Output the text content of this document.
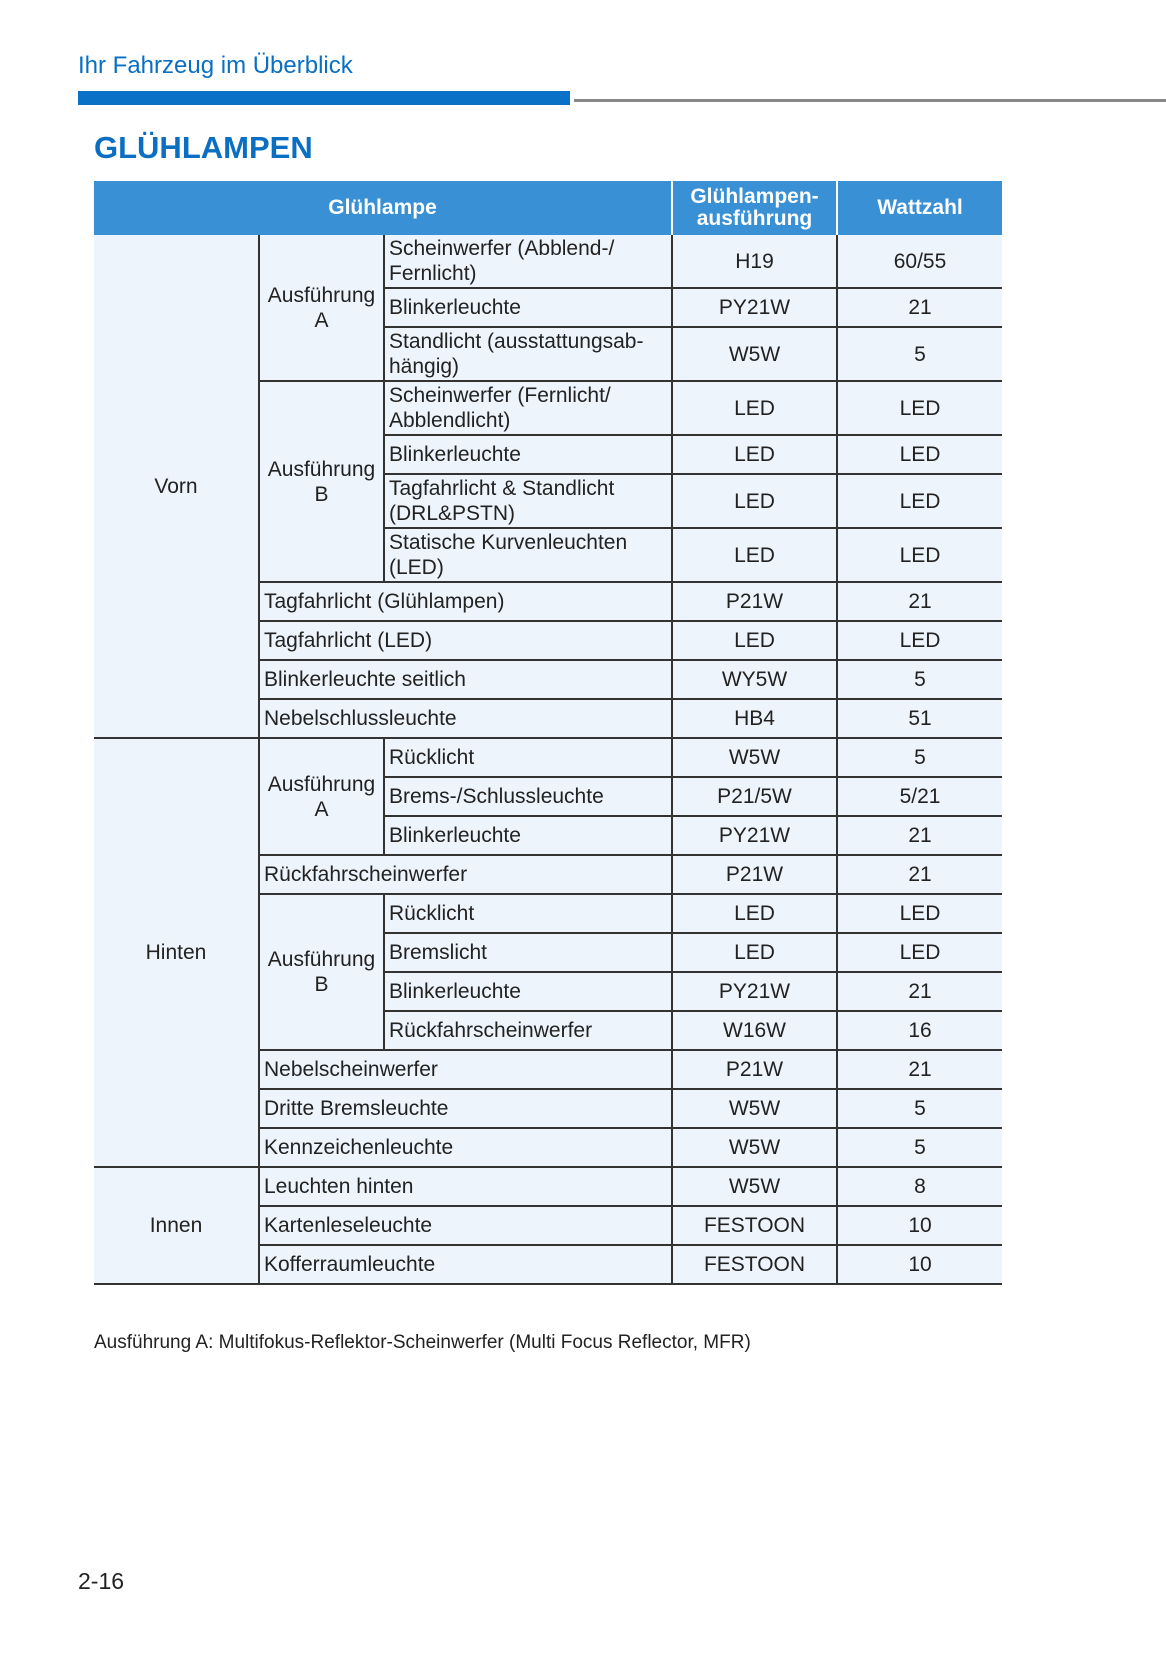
Ihr Fahrzeug im Überblick
GLÜHLAMPEN
Glühlampe			Glühlampen-ausführung	Wattzahl
Vorn	Ausführung A	Scheinwerfer (Abblend-/ Fernlicht)	H19	60/55
		Blinkerleuchte	PY21W	21
		Standlicht (ausstattungsab-hängig)	W5W	5
	Ausführung B	Scheinwerfer (Fernlicht/ Abblendlicht)	LED	LED
		Blinkerleuchte	LED	LED
		Tagfahrlicht & Standlicht (DRL&PSTN)	LED	LED
		Statische Kurvenleuchten (LED)	LED	LED
	Tagfahrlicht (Glühlampen)		P21W	21
	Tagfahrlicht (LED)		LED	LED
	Blinkerleuchte seitlich		WY5W	5
	Nebelschlussleuchte		HB4	51
Hinten	Ausführung A	Rücklicht	W5W	5
		Brems-/Schlussleuchte	P21/5W	5/21
		Blinkerleuchte	PY21W	21
	Rückfahrscheinwerfer		P21W	21
	Ausführung B	Rücklicht	LED	LED
		Bremslicht	LED	LED
		Blinkerleuchte	PY21W	21
		Rückfahrscheinwerfer	W16W	16
	Nebelscheinwerfer		P21W	21
	Dritte Bremsleuchte		W5W	5
	Kennzeichenleuchte		W5W	5
Innen	Leuchten hinten		W5W	8
	Kartenleseleuchte		FESTOON	10
	Kofferraumleuchte		FESTOON	10
Ausführung A: Multifokus-Reflektor-Scheinwerfer (Multi Focus Reflector, MFR)
2-16
